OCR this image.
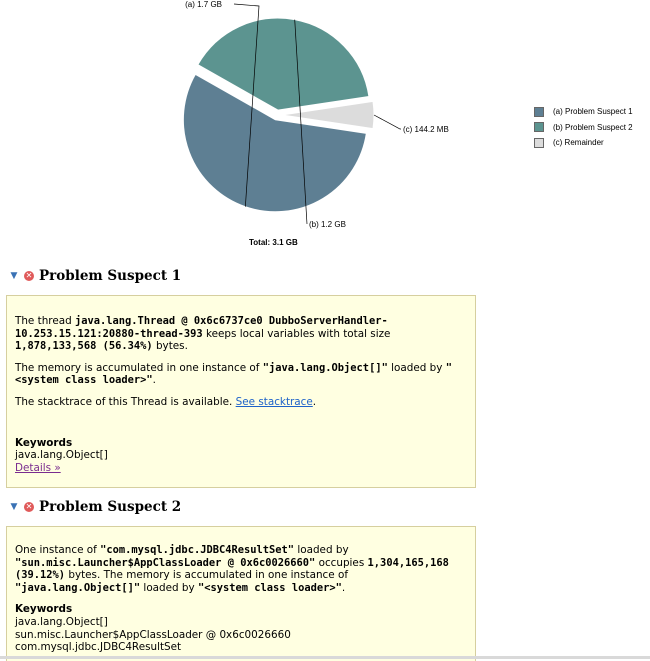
(a) 1.7 GB
(b) 1.2 GB
(c) 144.2 MB
(a) Problem Suspect 1
(b) Problem Suspect 2
(c) Remainder
Total: 3.1 GB
▼	✕ Problem Suspect 1

The thread java.lang.Thread @ 0x6c6737ce0 DubboServerHandler-10.253.15.121:20880-thread-393 keeps local variables with total size 1,878,133,568 (56.34%) bytes.

The memory is accumulated in one instance of "java.lang.Object[]" loaded by "<system class loader>".

The stacktrace of this Thread is available. See stacktrace.

Keywords

java.lang.Object[]

Details »

▼	✕ Problem Suspect 2

One instance of "com.mysql.jdbc.JDBC4ResultSet" loaded by "sun.misc.Launcher$AppClassLoader @ 0x6c0026660" occupies 1,304,165,168 (39.12%) bytes. The memory is accumulated in one instance of "java.lang.Object[]" loaded by "<system class loader>".

Keywords

java.lang.Object[]

sun.misc.Launcher$AppClassLoader @ 0x6c0026660

com.mysql.jdbc.JDBC4ResultSet
